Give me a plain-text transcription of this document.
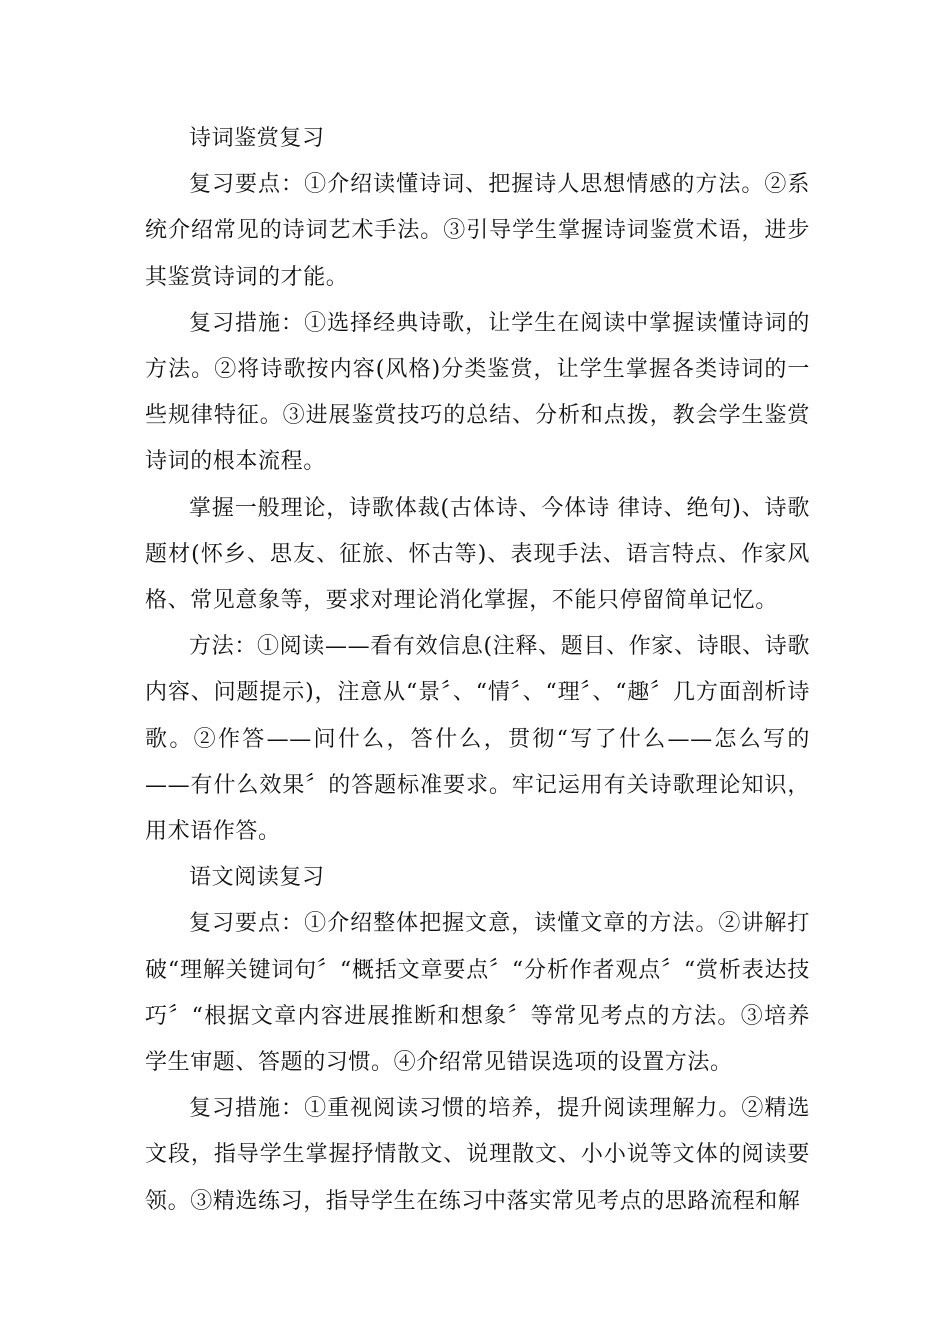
诗词鉴赏复习

复习要点：①介绍读懂诗词、把握诗人思想情感的方法。②系统介绍常见的诗词艺术手法。③引导学生掌握诗词鉴赏术语，进步其鉴赏诗词的才能。

复习措施：①选择经典诗歌，让学生在阅读中掌握读懂诗词的方法。②将诗歌按内容(风格)分类鉴赏，让学生掌握各类诗词的一些规律特征。③进展鉴赏技巧的总结、分析和点拨，教会学生鉴赏诗词的根本流程。

掌握一般理论，诗歌体裁(古体诗、今体诗 律诗、绝句)、诗歌题材(怀乡、思友、征旅、怀古等)、表现手法、语言特点、作家风格、常见意象等，要求对理论消化掌握，不能只停留简单记忆。

方法：①阅读——看有效信息(注释、题目、作家、诗眼、诗歌内容、问题提示)，注意从“景〞、“情〞、“理〞、“趣〞几方面剖析诗歌。②作答——问什么，答什么，贯彻“写了什么——怎么写的——有什么效果〞的答题标准要求。牢记运用有关诗歌理论知识，用术语作答。

语文阅读复习

复习要点：①介绍整体把握文意，读懂文章的方法。②讲解打破“理解关键词句〞“概括文章要点〞“分析作者观点〞“赏析表达技巧〞“根据文章内容进展推断和想象〞等常见考点的方法。③培养学生审题、答题的习惯。④介绍常见错误选项的设置方法。

复习措施：①重视阅读习惯的培养，提升阅读理解力。②精选文段，指导学生掌握抒情散文、说理散文、小小说等文体的阅读要领。③精选练习，指导学生在练习中落实常见考点的思路流程和解
